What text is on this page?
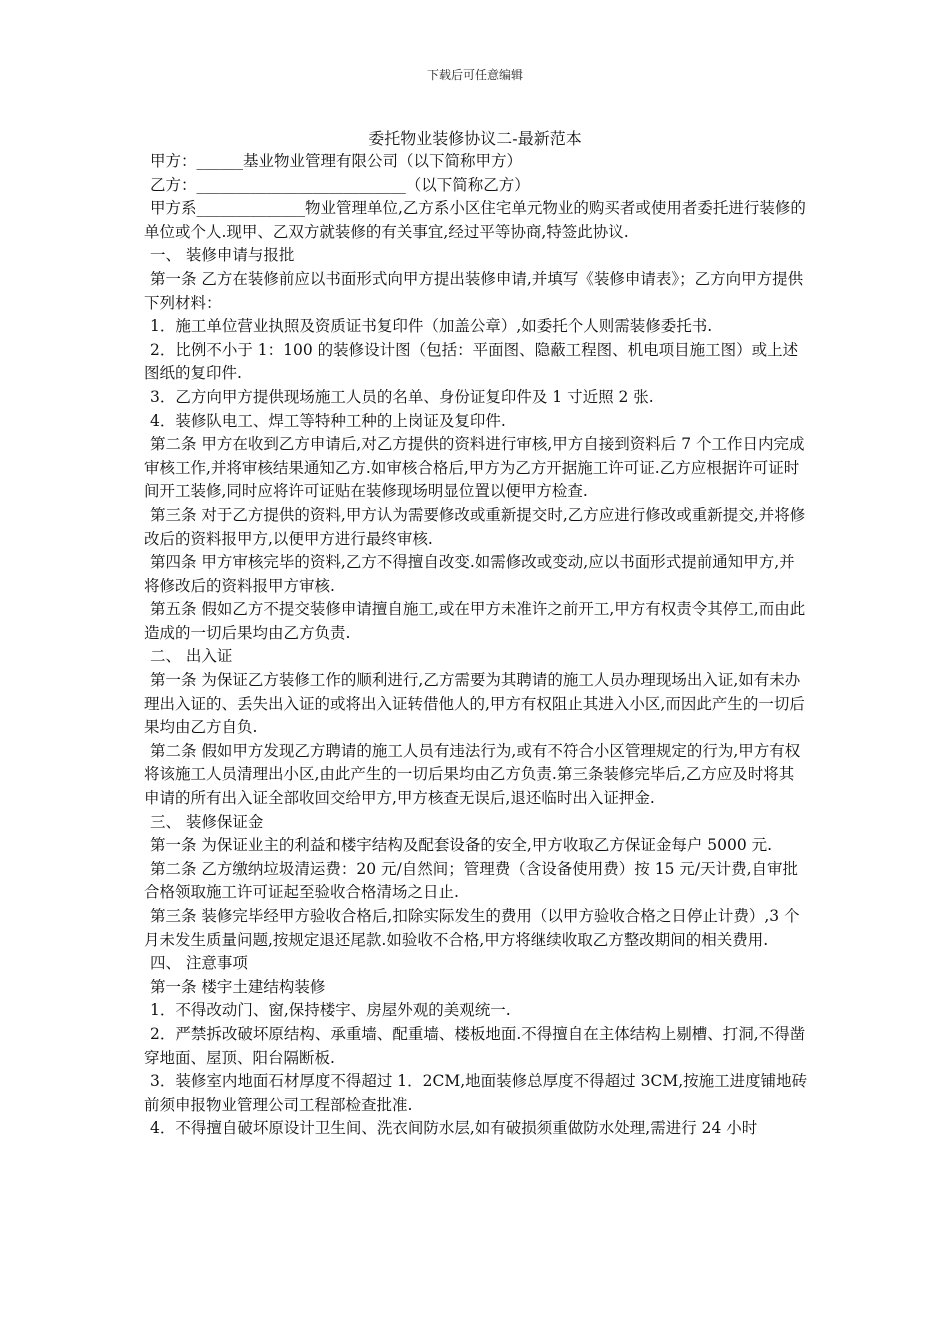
下载后可任意编辑
委托物业装修协议二-最新范本

甲方：______基业物业管理有限公司（以下简称甲方）

乙方：___________________________（以下简称乙方）

甲方系______________物业管理单位,乙方系小区住宅单元物业的购买者或使用者委托进行装修的单位或个人.现甲、乙双方就装修的有关事宜,经过平等协商,特签此协议.

一、 装修申请与报批

第一条 乙方在装修前应以书面形式向甲方提出装修申请,并填写《装修申请表》；乙方向甲方提供下列材料：

1．施工单位营业执照及资质证书复印件（加盖公章）,如委托个人则需装修委托书.

2．比例不小于 1：100 的装修设计图（包括：平面图、隐蔽工程图、机电项目施工图）或上述图纸的复印件.

3．乙方向甲方提供现场施工人员的名单、身份证复印件及 1 寸近照 2 张.

4．装修队电工、焊工等特种工种的上岗证及复印件.

第二条 甲方在收到乙方申请后,对乙方提供的资料进行审核,甲方自接到资料后 7 个工作日内完成审核工作,并将审核结果通知乙方.如审核合格后,甲方为乙方开据施工许可证.乙方应根据许可证时间开工装修,同时应将许可证贴在装修现场明显位置以便甲方检查.

第三条 对于乙方提供的资料,甲方认为需要修改或重新提交时,乙方应进行修改或重新提交,并将修改后的资料报甲方,以便甲方进行最终审核.

第四条 甲方审核完毕的资料,乙方不得擅自改变.如需修改或变动,应以书面形式提前通知甲方,并将修改后的资料报甲方审核.

第五条 假如乙方不提交装修申请擅自施工,或在甲方未准许之前开工,甲方有权责令其停工,而由此造成的一切后果均由乙方负责.

二、 出入证

第一条 为保证乙方装修工作的顺利进行,乙方需要为其聘请的施工人员办理现场出入证,如有未办理出入证的、丢失出入证的或将出入证转借他人的,甲方有权阻止其进入小区,而因此产生的一切后果均由乙方自负.

第二条 假如甲方发现乙方聘请的施工人员有违法行为,或有不符合小区管理规定的行为,甲方有权将该施工人员清理出小区,由此产生的一切后果均由乙方负责.第三条装修完毕后,乙方应及时将其申请的所有出入证全部收回交给甲方,甲方核查无误后,退还临时出入证押金.

三、 装修保证金

第一条 为保证业主的利益和楼宇结构及配套设备的安全,甲方收取乙方保证金每户 5000 元.

第二条 乙方缴纳垃圾清运费：20 元/自然间；管理费（含设备使用费）按 15 元/天计费,自审批合格领取施工许可证起至验收合格清场之日止.

第三条 装修完毕经甲方验收合格后,扣除实际发生的费用（以甲方验收合格之日停止计费）,3 个月未发生质量问题,按规定退还尾款.如验收不合格,甲方将继续收取乙方整改期间的相关费用.

四、 注意事项

第一条 楼宇土建结构装修

1．不得改动门、窗,保持楼宇、房屋外观的美观统一.

2．严禁拆改破坏原结构、承重墙、配重墙、楼板地面.不得擅自在主体结构上剔槽、打洞,不得凿穿地面、屋顶、阳台隔断板.

3．装修室内地面石材厚度不得超过 1．2CM,地面装修总厚度不得超过 3CM,按施工进度铺地砖前须申报物业管理公司工程部检查批准.

4．不得擅自破坏原设计卫生间、洗衣间防水层,如有破损须重做防水处理,需进行 24 小时
